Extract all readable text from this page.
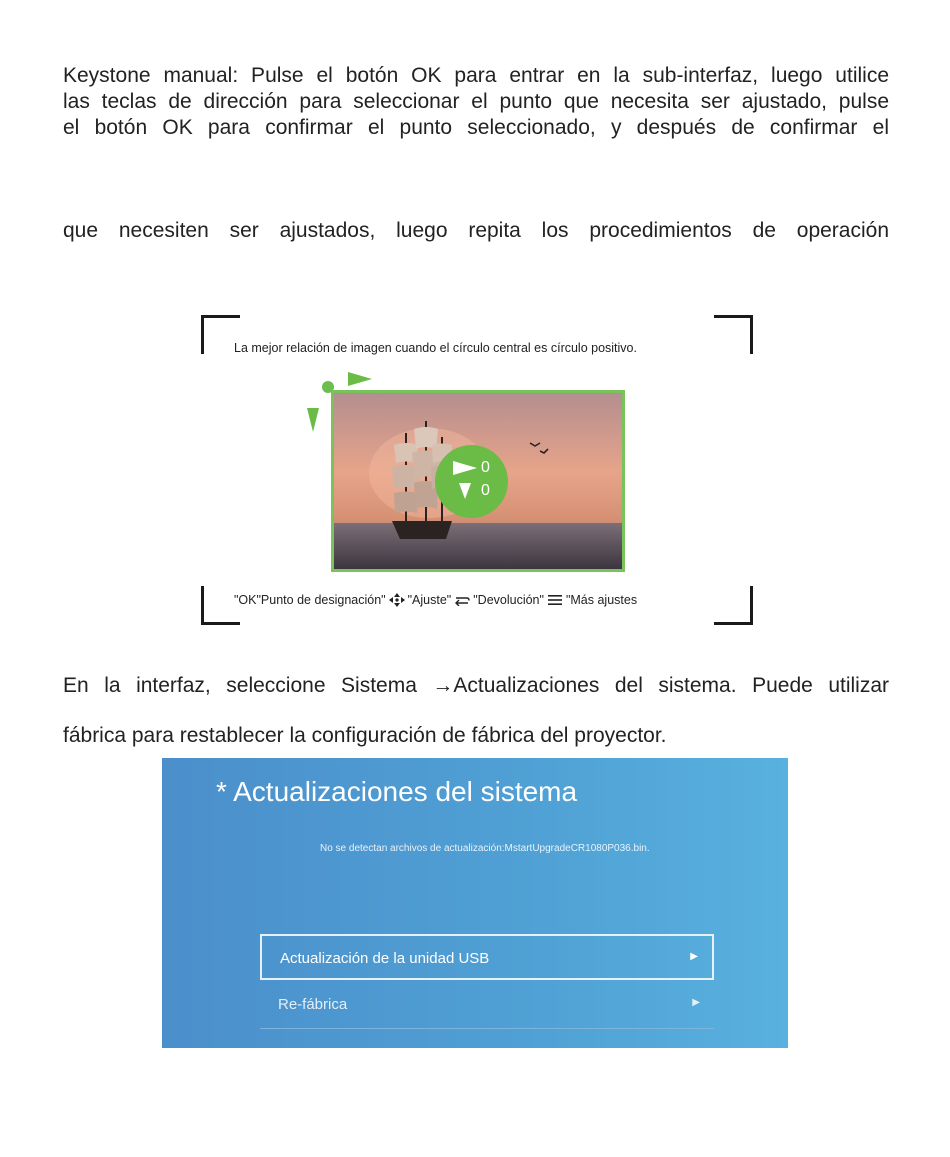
Keystone manual: Pulse el botón OK para entrar en la sub-interfaz, luego utilice
las teclas de dirección para seleccionar el punto que necesita ser ajustado, pulse
el botón OK para confirmar el punto seleccionado, y después de confirmar el

que necesiten ser ajustados, luego repita los procedimientos de operación

La mejor relación de imagen cuando el círculo central es círculo positivo.
0
0
"OK"Punto de designación" "Ajuste" "Devolución" "Más ajustes

En la interfaz, seleccione Sistema →Actualizaciones del sistema. Puede utilizar

fábrica para restablecer la configuración de fábrica del proyector.

* Actualizaciones del sistema
No se detectan archivos de actualización:MstartUpgradeCR1080P036.bin.
Actualización de la unidad USB	▶
Re-fábrica	▶
